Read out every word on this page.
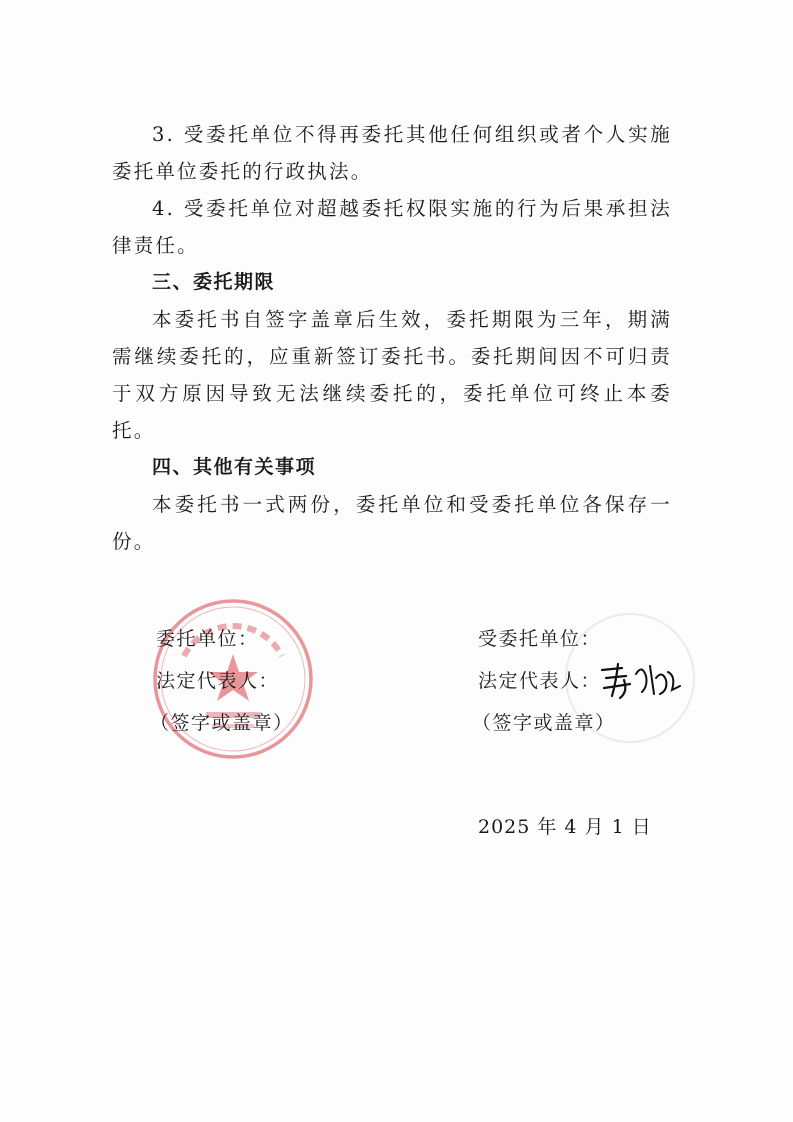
3. 受委托单位不得再委托其他任何组织或者个人实施委托单位委托的行政执法。

4. 受委托单位对超越委托权限实施的行为后果承担法律责任。

三、委托期限

本委托书自签字盖章后生效，委托期限为三年，期满需继续委托的，应重新签订委托书。委托期间因不可归责于双方原因导致无法继续委托的，委托单位可终止本委托。

四、其他有关事项

本委托书一式两份，委托单位和受委托单位各保存一份。

委托单位：

法定代表人：

（签字或盖章）

受委托单位：

法定代表人：

（签字或盖章）

2025 年 4 月 1 日
